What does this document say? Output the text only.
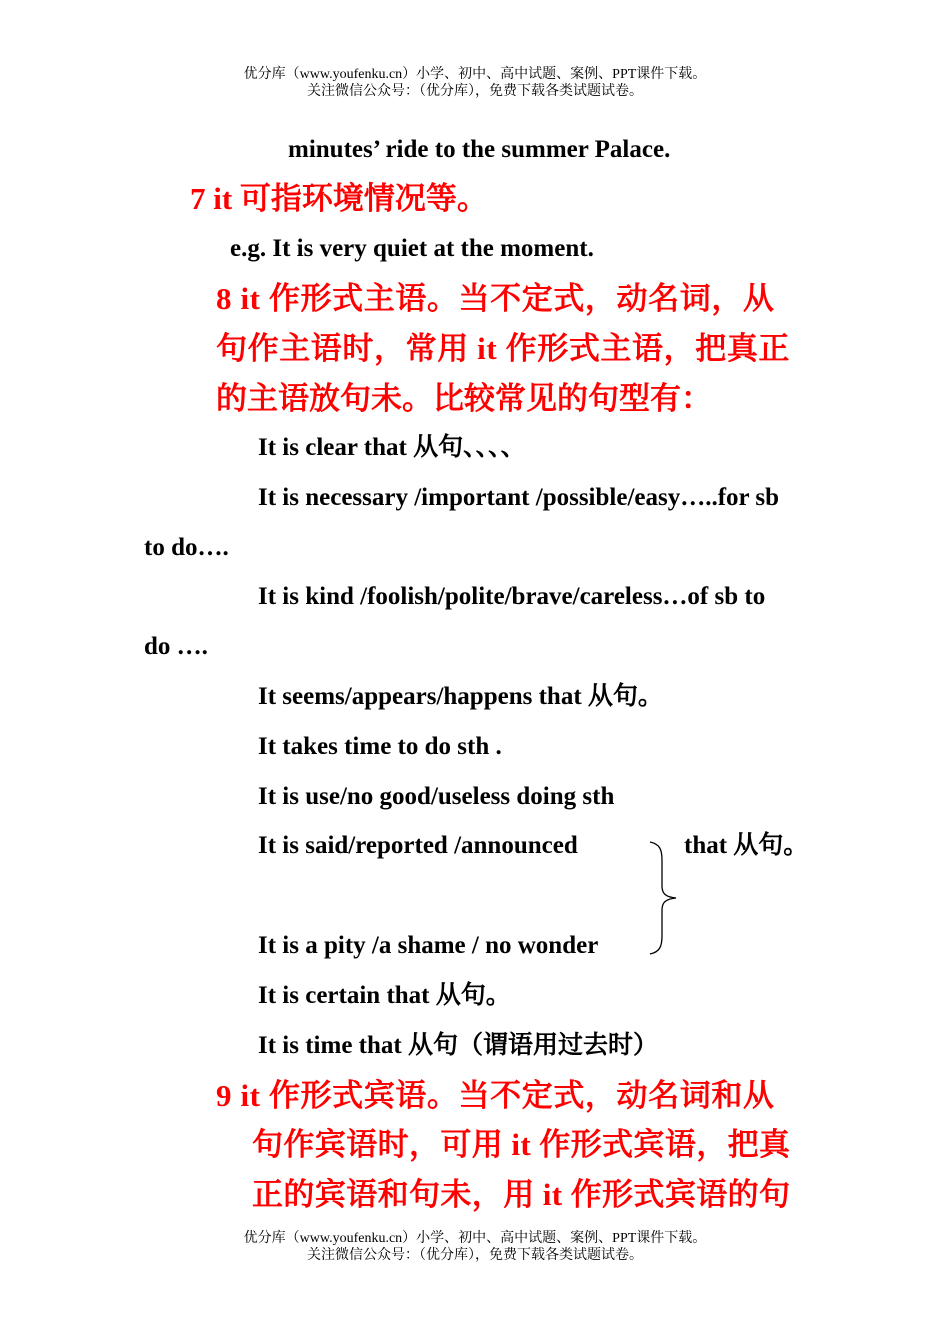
优分库（www.youfenku.cn）小学、初中、高中试题、案例、PPT课件下载。
关注微信公众号：（优分库），免费下载各类试题试卷。
minutes’ ride to the summer Palace.
7 it 可指环境情况等。
e.g. It is very quiet at the moment.
8 it 作形式主语。当不定式，动名词，从
句作主语时，常用 it 作形式主语，把真正
的主语放句未。比较常见的句型有：
It is clear that 从句、、、、
It is necessary /important /possible/easy…..for sb
to do….
It is kind /foolish/polite/brave/careless…of sb to
do ….
It seems/appears/happens that 从句。
It takes time to do sth .
It is use/no good/useless doing sth
It is said/reported /announced	that 从句。
It is a pity /a shame / no wonder
It is certain that 从句。
It is time that 从句（谓语用过去时）
9 it 作形式宾语。当不定式，动名词和从
句作宾语时，可用 it 作形式宾语，把真
正的宾语和句未，用 it 作形式宾语的句
优分库（www.youfenku.cn）小学、初中、高中试题、案例、PPT课件下载。
关注微信公众号：（优分库），免费下载各类试题试卷。
